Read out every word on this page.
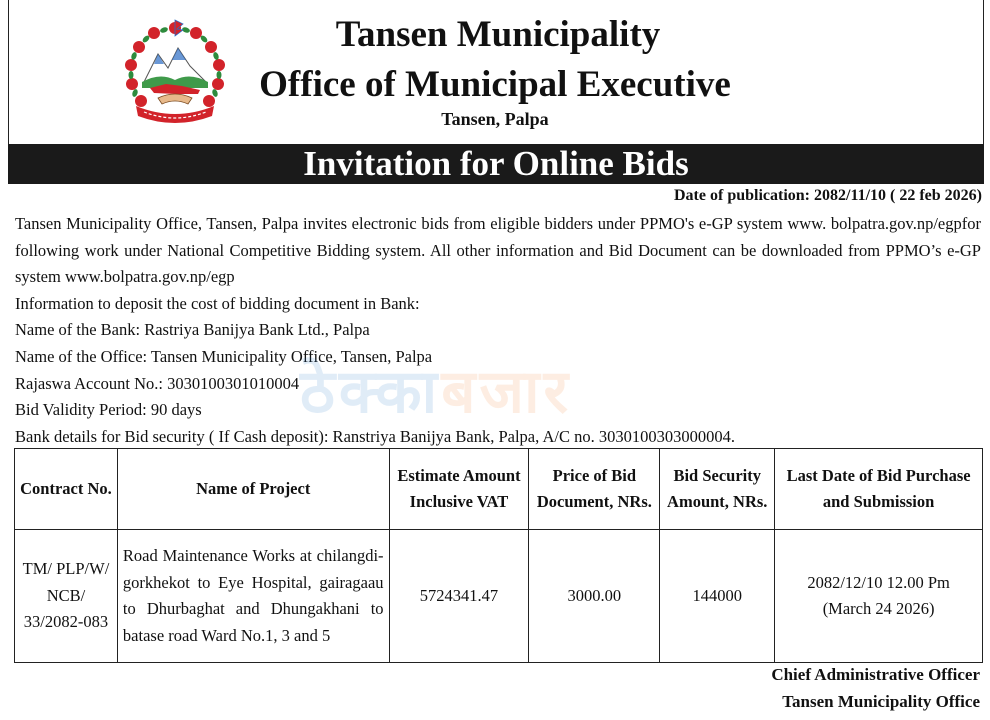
Tansen Municipality
Office of Municipal Executive
Tansen, Palpa
Invitation for Online Bids
Date of publication: 2082/11/10 ( 22 feb 2026)

Tansen Municipality Office, Tansen, Palpa invites electronic bids from eligible bidders under PPMO's e-GP system www. bolpatra.gov.np/egpfor following work under National Competitive Bidding system. All other information and Bid Document can be downloaded from PPMO’s e-GP system www.bolpatra.gov.np/egp

Information to deposit the cost of bidding document in Bank:

Name of the Bank: Rastriya Banijya Bank Ltd., Palpa

Name of the Office: Tansen Municipality Office, Tansen, Palpa

Rajaswa Account No.: 3030100301010004

Bid Validity Period: 90 days

Bank details for Bid security ( If Cash deposit): Ranstriya Banijya Bank, Palpa, A/C no. 3030100303000004.

Contract No.	Name of Project	Estimate Amount Inclusive VAT	Price of Bid Document, NRs.	Bid Security Amount, NRs.	Last Date of Bid Purchase and Submission
TM/ PLP/W/ NCB/ 33/2082-083	Road Maintenance Works at chilangdi-gorkhekot to Eye Hospital, gairagaau to Dhurbaghat and Dhungakhani to batase road Ward No.1, 3 and 5	5724341.47	3000.00	144000	2082/12/10 12.00 Pm
(March 24 2026)
Chief Administrative Officer
Tansen Municipality Office
ठेक्काबजार
